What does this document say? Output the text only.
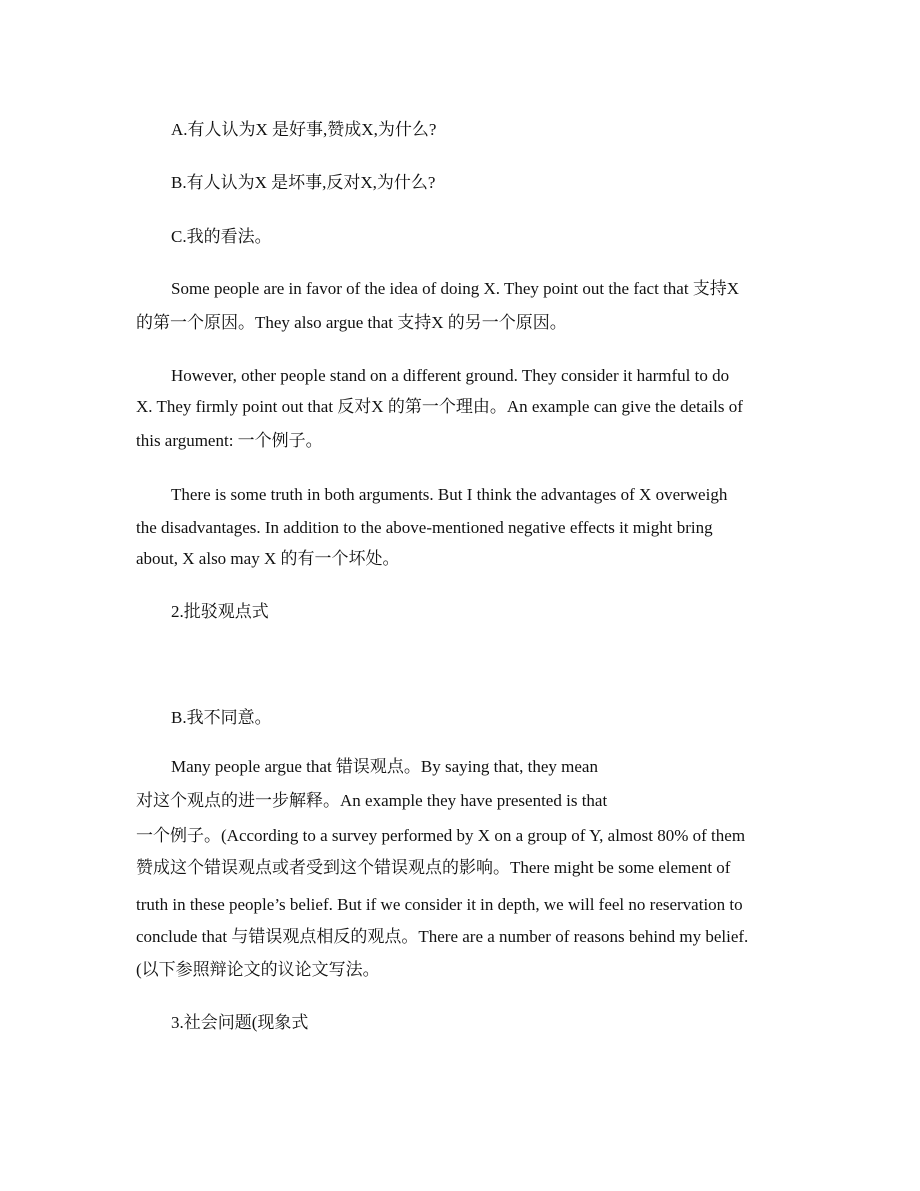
A.有人认为X 是好事,赞成X,为什么?
B.有人认为X 是坏事,反对X,为什么?
C.我的看法。
Some people are in favor of the idea of doing X. They point out the fact that 支持X
的第一个原因。They also argue that 支持X 的另一个原因。
However, other people stand on a different ground. They consider it harmful to do
X. They firmly point out that 反对X 的第一个理由。An example can give the details of
this argument: 一个例子。
There is some truth in both arguments. But I think the advantages of X overweigh
the disadvantages. In addition to the above-mentioned negative effects it might bring
about, X also may X 的有一个坏处。
2.批驳观点式
B.我不同意。
Many people argue that 错误观点。By saying that, they mean
对这个观点的进一步解释。An example they have presented is that
一个例子。(According to a survey performed by X on a group of Y, almost 80% of them
赞成这个错误观点或者受到这个错误观点的影响。There might be some element of
truth in these people’s belief. But if we consider it in depth, we will feel no reservation to
conclude that 与错误观点相反的观点。There are a number of reasons behind my belief.
(以下参照辩论文的议论文写法。
3.社会问题(现象式
